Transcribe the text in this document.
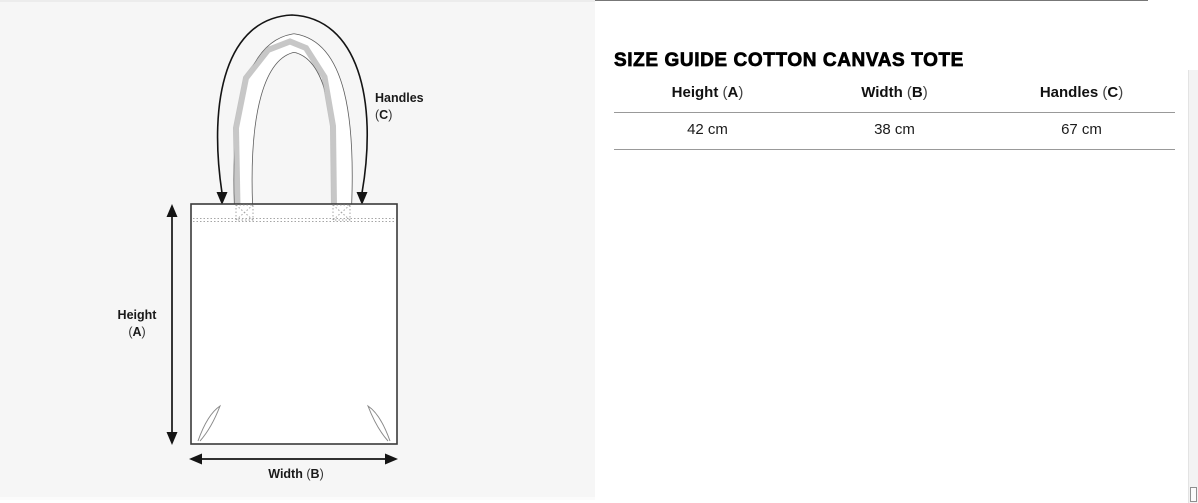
Handles
(C)
Height
(A)
Width (B)
SIZE GUIDE COTTON CANVAS TOTE
Height (A)	Width (B)	Handles (C)
42 cm	38 cm	67 cm
